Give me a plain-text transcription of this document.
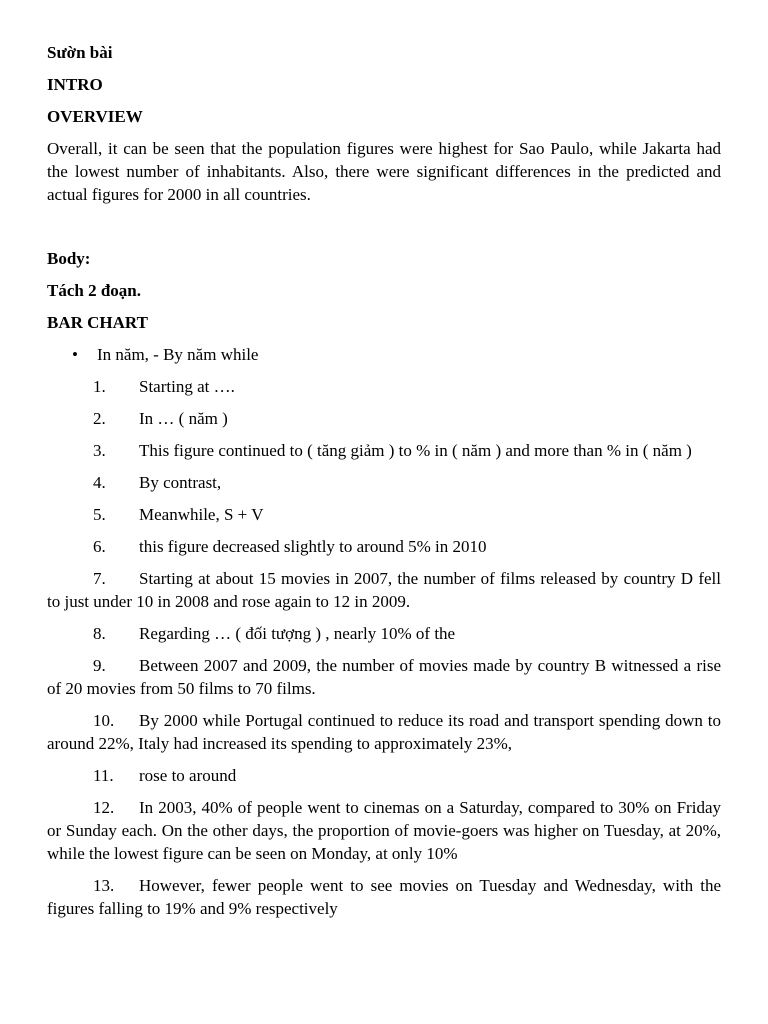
Sườn bài
INTRO
OVERVIEW
Overall, it can be seen that the population figures were highest for Sao Paulo, while Jakarta had the lowest number of inhabitants. Also, there were significant differences in the predicted and actual figures for 2000 in all countries.
Body:
Tách 2 đoạn.
BAR CHART
•	In năm, - By năm while
1. Starting at ….
2. In … ( năm )
3. This figure continued to ( tăng giảm ) to % in ( năm ) and more than % in ( năm )
4. By contrast,
5. Meanwhile, S + V
6. this figure decreased slightly to around 5% in 2010
7. Starting at about 15 movies in 2007, the number of films released by country D fell to just under 10 in 2008 and rose again to 12 in 2009.
8. Regarding … ( đối tượng ) , nearly 10% of the
9. Between 2007 and 2009, the number of movies made by country B witnessed a rise of 20 movies from 50 films to 70 films.
10. By 2000 while Portugal continued to reduce its road and transport spending down to around 22%, Italy had increased its spending to approximately 23%,
11. rose to around
12. In 2003, 40% of people went to cinemas on a Saturday, compared to 30% on Friday or Sunday each. On the other days, the proportion of movie-goers was higher on Tuesday, at 20%, while the lowest figure can be seen on Monday, at only 10%
13. However, fewer people went to see movies on Tuesday and Wednesday, with the figures falling to 19% and 9% respectively
